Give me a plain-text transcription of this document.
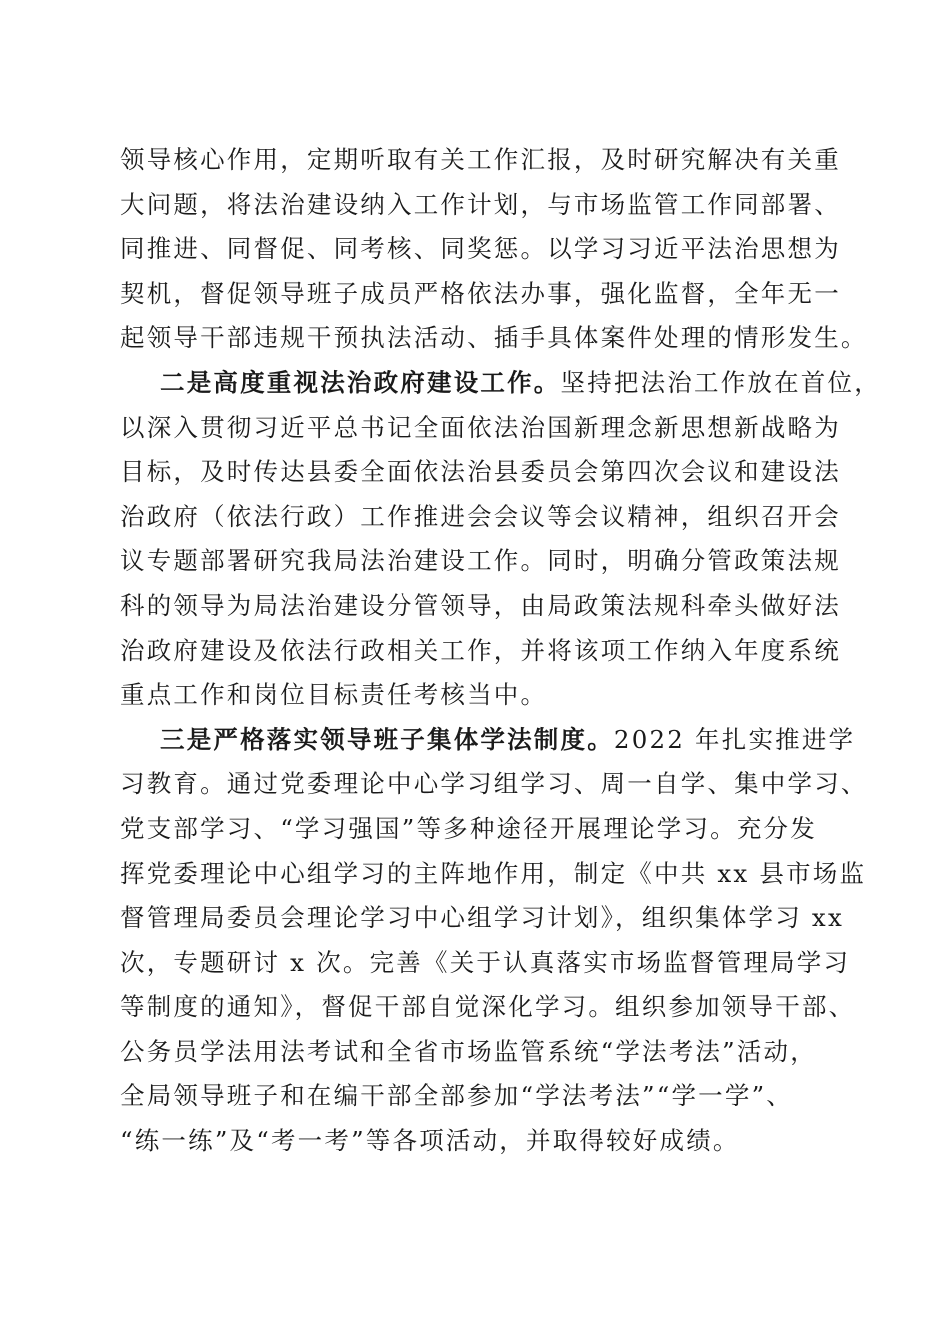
领导核心作用，定期听取有关工作汇报，及时研究解决有关重
大问题，将法治建设纳入工作计划，与市场监管工作同部署、
同推进、同督促、同考核、同奖惩。以学习习近平法治思想为
契机，督促领导班子成员严格依法办事，强化监督，全年无一
起领导干部违规干预执法活动、插手具体案件处理的情形发生。
二是高度重视法治政府建设工作。坚持把法治工作放在首位，
以深入贯彻习近平总书记全面依法治国新理念新思想新战略为
目标，及时传达县委全面依法治县委员会第四次会议和建设法
治政府（依法行政）工作推进会会议等会议精神，组织召开会
议专题部署研究我局法治建设工作。同时，明确分管政策法规
科的领导为局法治建设分管领导，由局政策法规科牵头做好法
治政府建设及依法行政相关工作，并将该项工作纳入年度系统
重点工作和岗位目标责任考核当中。
三是严格落实领导班子集体学法制度。2022 年扎实推进学
习教育。通过党委理论中心学习组学习、周一自学、集中学习、
党支部学习、“学习强国”等多种途径开展理论学习。充分发
挥党委理论中心组学习的主阵地作用，制定《中共 xx 县市场监
督管理局委员会理论学习中心组学习计划》，组织集体学习 xx
次，专题研讨 x 次。完善《关于认真落实市场监督管理局学习
等制度的通知》，督促干部自觉深化学习。组织参加领导干部、
公务员学法用法考试和全省市场监管系统“学法考法”活动，
全局领导班子和在编干部全部参加“学法考法”“学一学”、
“练一练”及“考一考”等各项活动，并取得较好成绩。
